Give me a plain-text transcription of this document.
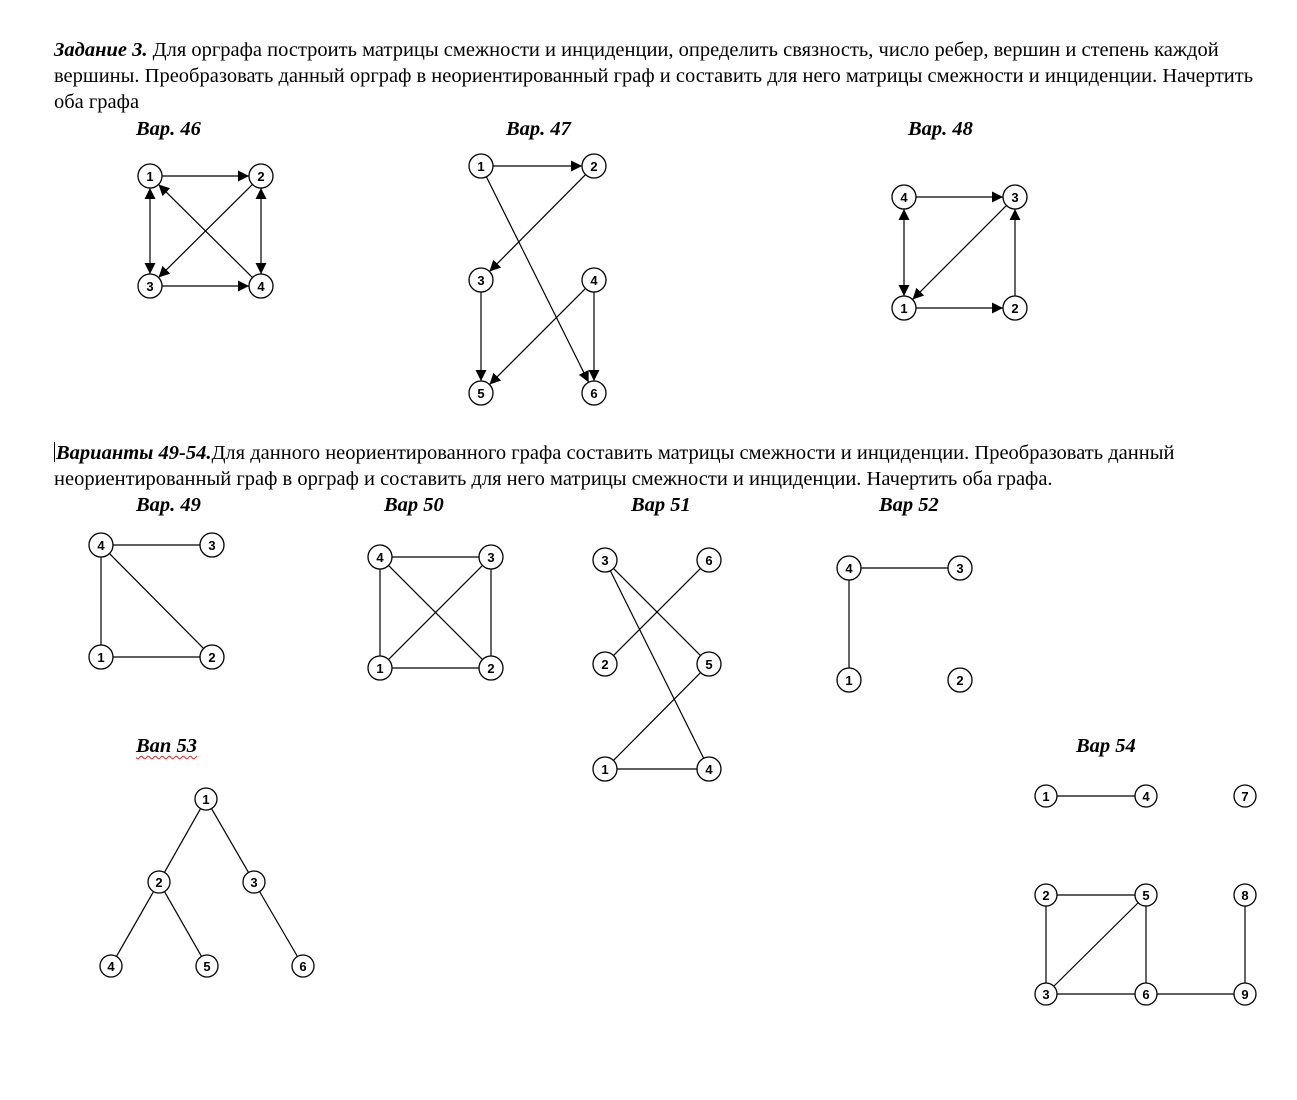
Задание 3. Для орграфа построить матрицы смежности и инциденции, определить связность, число ребер, вершин и степень каждой вершины. Преобразовать данный орграф в неориентированный граф и составить для него матрицы смежности и инциденции. Начертить оба графа
Варианты 49-54.Для данного неориентированного графа составить матрицы смежности и инциденции. Преобразовать данный неориентированный граф в орграф и составить для него матрицы смежности и инциденции. Начертить оба графа.
Вар. 46	Вар. 47	Вар. 48
Вар. 49	Вар 50	Вар 51	Вар 52
Вап 53	Вар 54
1	2
3	4
1	2
3	4
5	6
4	3
1	2
4	3
1	2
4	3
1	2
3	6
2	5
1	4
4	3
1	2
1
2	3
4	5	6
1	4	7
2	5	8
3	6	9
